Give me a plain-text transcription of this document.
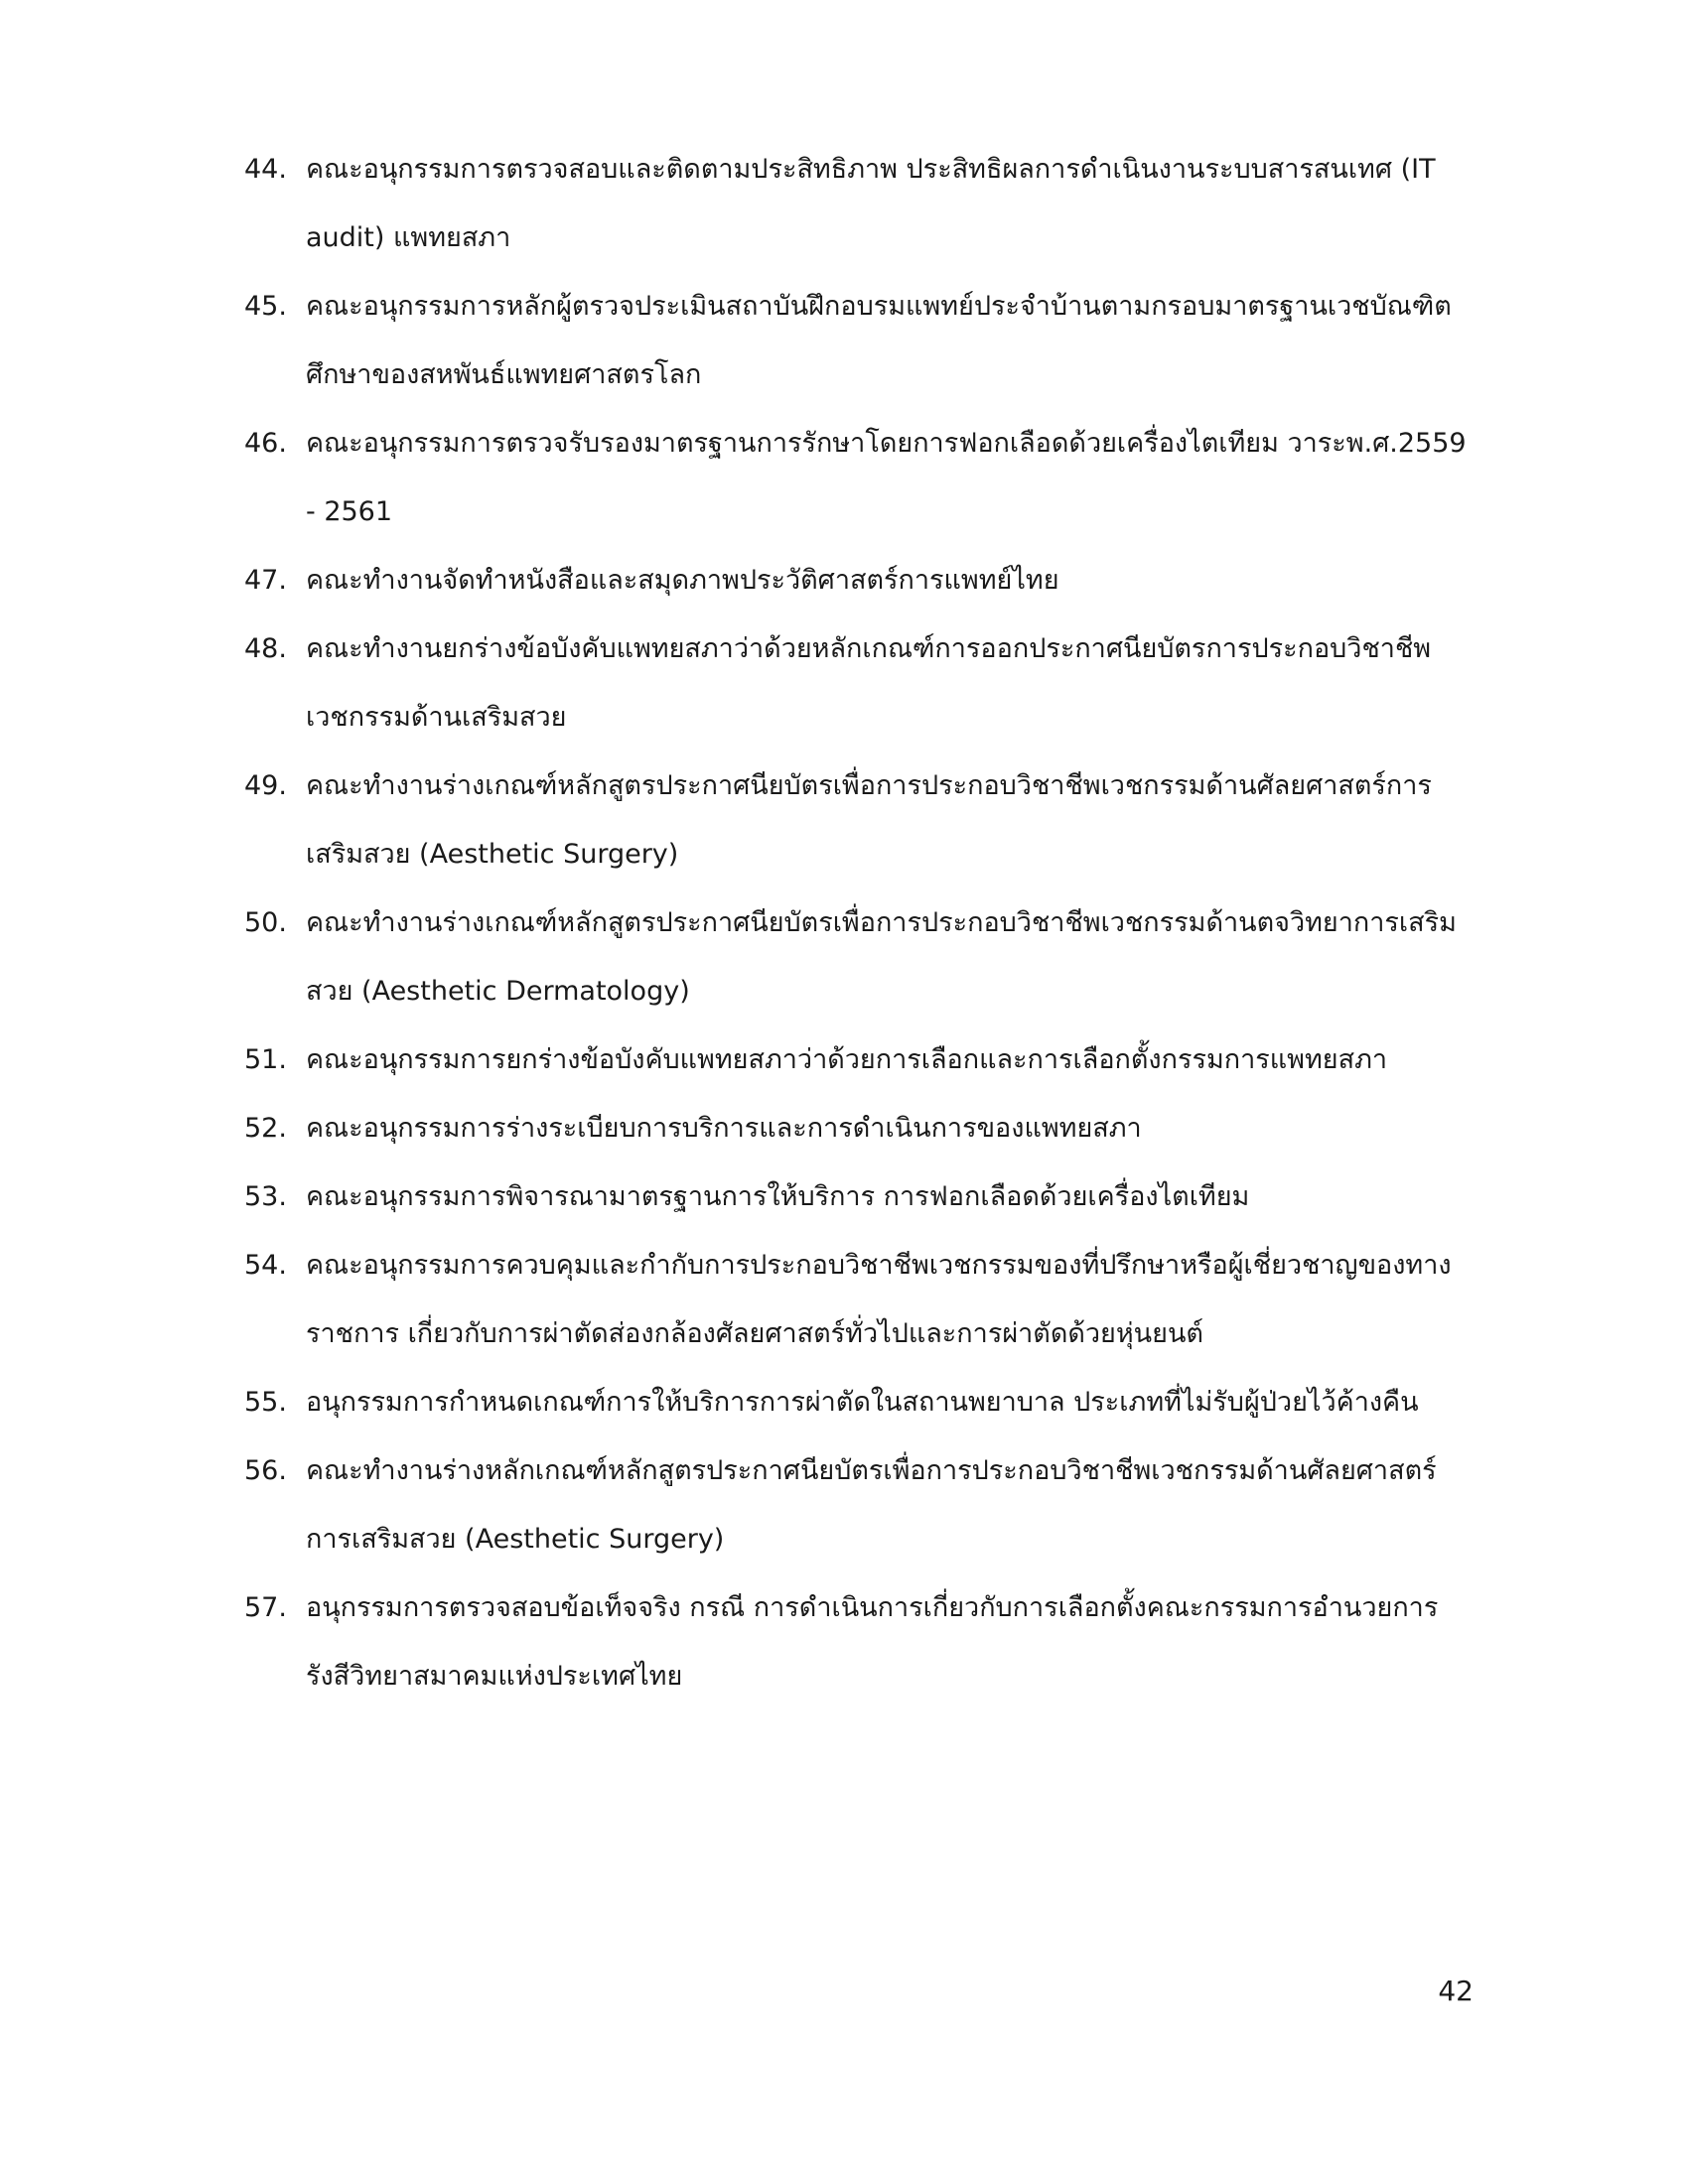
44. คณะอนุกรรมการตรวจสอบและติดตามประสิทธิภาพ ประสิทธิผลการดำเนินงานระบบสารสนเทศ (IT audit) แพทยสภา
45. คณะอนุกรรมการหลักผู้ตรวจประเมินสถาบันฝึกอบรมแพทย์ประจำบ้านตามกรอบมาตรฐานเวชบัณฑิตศึกษาของสหพันธ์แพทยศาสตรโลก
46. คณะอนุกรรมการตรวจรับรองมาตรฐานการรักษาโดยการฟอกเลือดด้วยเครื่องไตเทียม วาระพ.ศ.2559 - 2561
47. คณะทำงานจัดทำหนังสือและสมุดภาพประวัติศาสตร์การแพทย์ไทย
48. คณะทำงานยกร่างข้อบังคับแพทยสภาว่าด้วยหลักเกณฑ์การออกประกาศนียบัตรการประกอบวิชาชีพเวชกรรมด้านเสริมสวย
49. คณะทำงานร่างเกณฑ์หลักสูตรประกาศนียบัตรเพื่อการประกอบวิชาชีพเวชกรรมด้านศัลยศาสตร์การเสริมสวย (Aesthetic Surgery)
50. คณะทำงานร่างเกณฑ์หลักสูตรประกาศนียบัตรเพื่อการประกอบวิชาชีพเวชกรรมด้านตจวิทยาการเสริมสวย (Aesthetic Dermatology)
51. คณะอนุกรรมการยกร่างข้อบังคับแพทยสภาว่าด้วยการเลือกและการเลือกตั้งกรรมการแพทยสภา
52. คณะอนุกรรมการร่างระเบียบการบริการและการดำเนินการของแพทยสภา
53. คณะอนุกรรมการพิจารณามาตรฐานการให้บริการ การฟอกเลือดด้วยเครื่องไตเทียม
54. คณะอนุกรรมการควบคุมและกำกับการประกอบวิชาชีพเวชกรรมของที่ปรึกษาหรือผู้เชี่ยวชาญของทางราชการ เกี่ยวกับการผ่าตัดส่องกล้องศัลยศาสตร์ทั่วไปและการผ่าตัดด้วยหุ่นยนต์
55. อนุกรรมการกำหนดเกณฑ์การให้บริการการผ่าตัดในสถานพยาบาล ประเภทที่ไม่รับผู้ป่วยไว้ค้างคืน
56. คณะทำงานร่างหลักเกณฑ์หลักสูตรประกาศนียบัตรเพื่อการประกอบวิชาชีพเวชกรรมด้านศัลยศาสตร์การเสริมสวย (Aesthetic Surgery)
57. อนุกรรมการตรวจสอบข้อเท็จจริง กรณี การดำเนินการเกี่ยวกับการเลือกตั้งคณะกรรมการอำนวยการรังสีวิทยาสมาคมแห่งประเทศไทย
42
